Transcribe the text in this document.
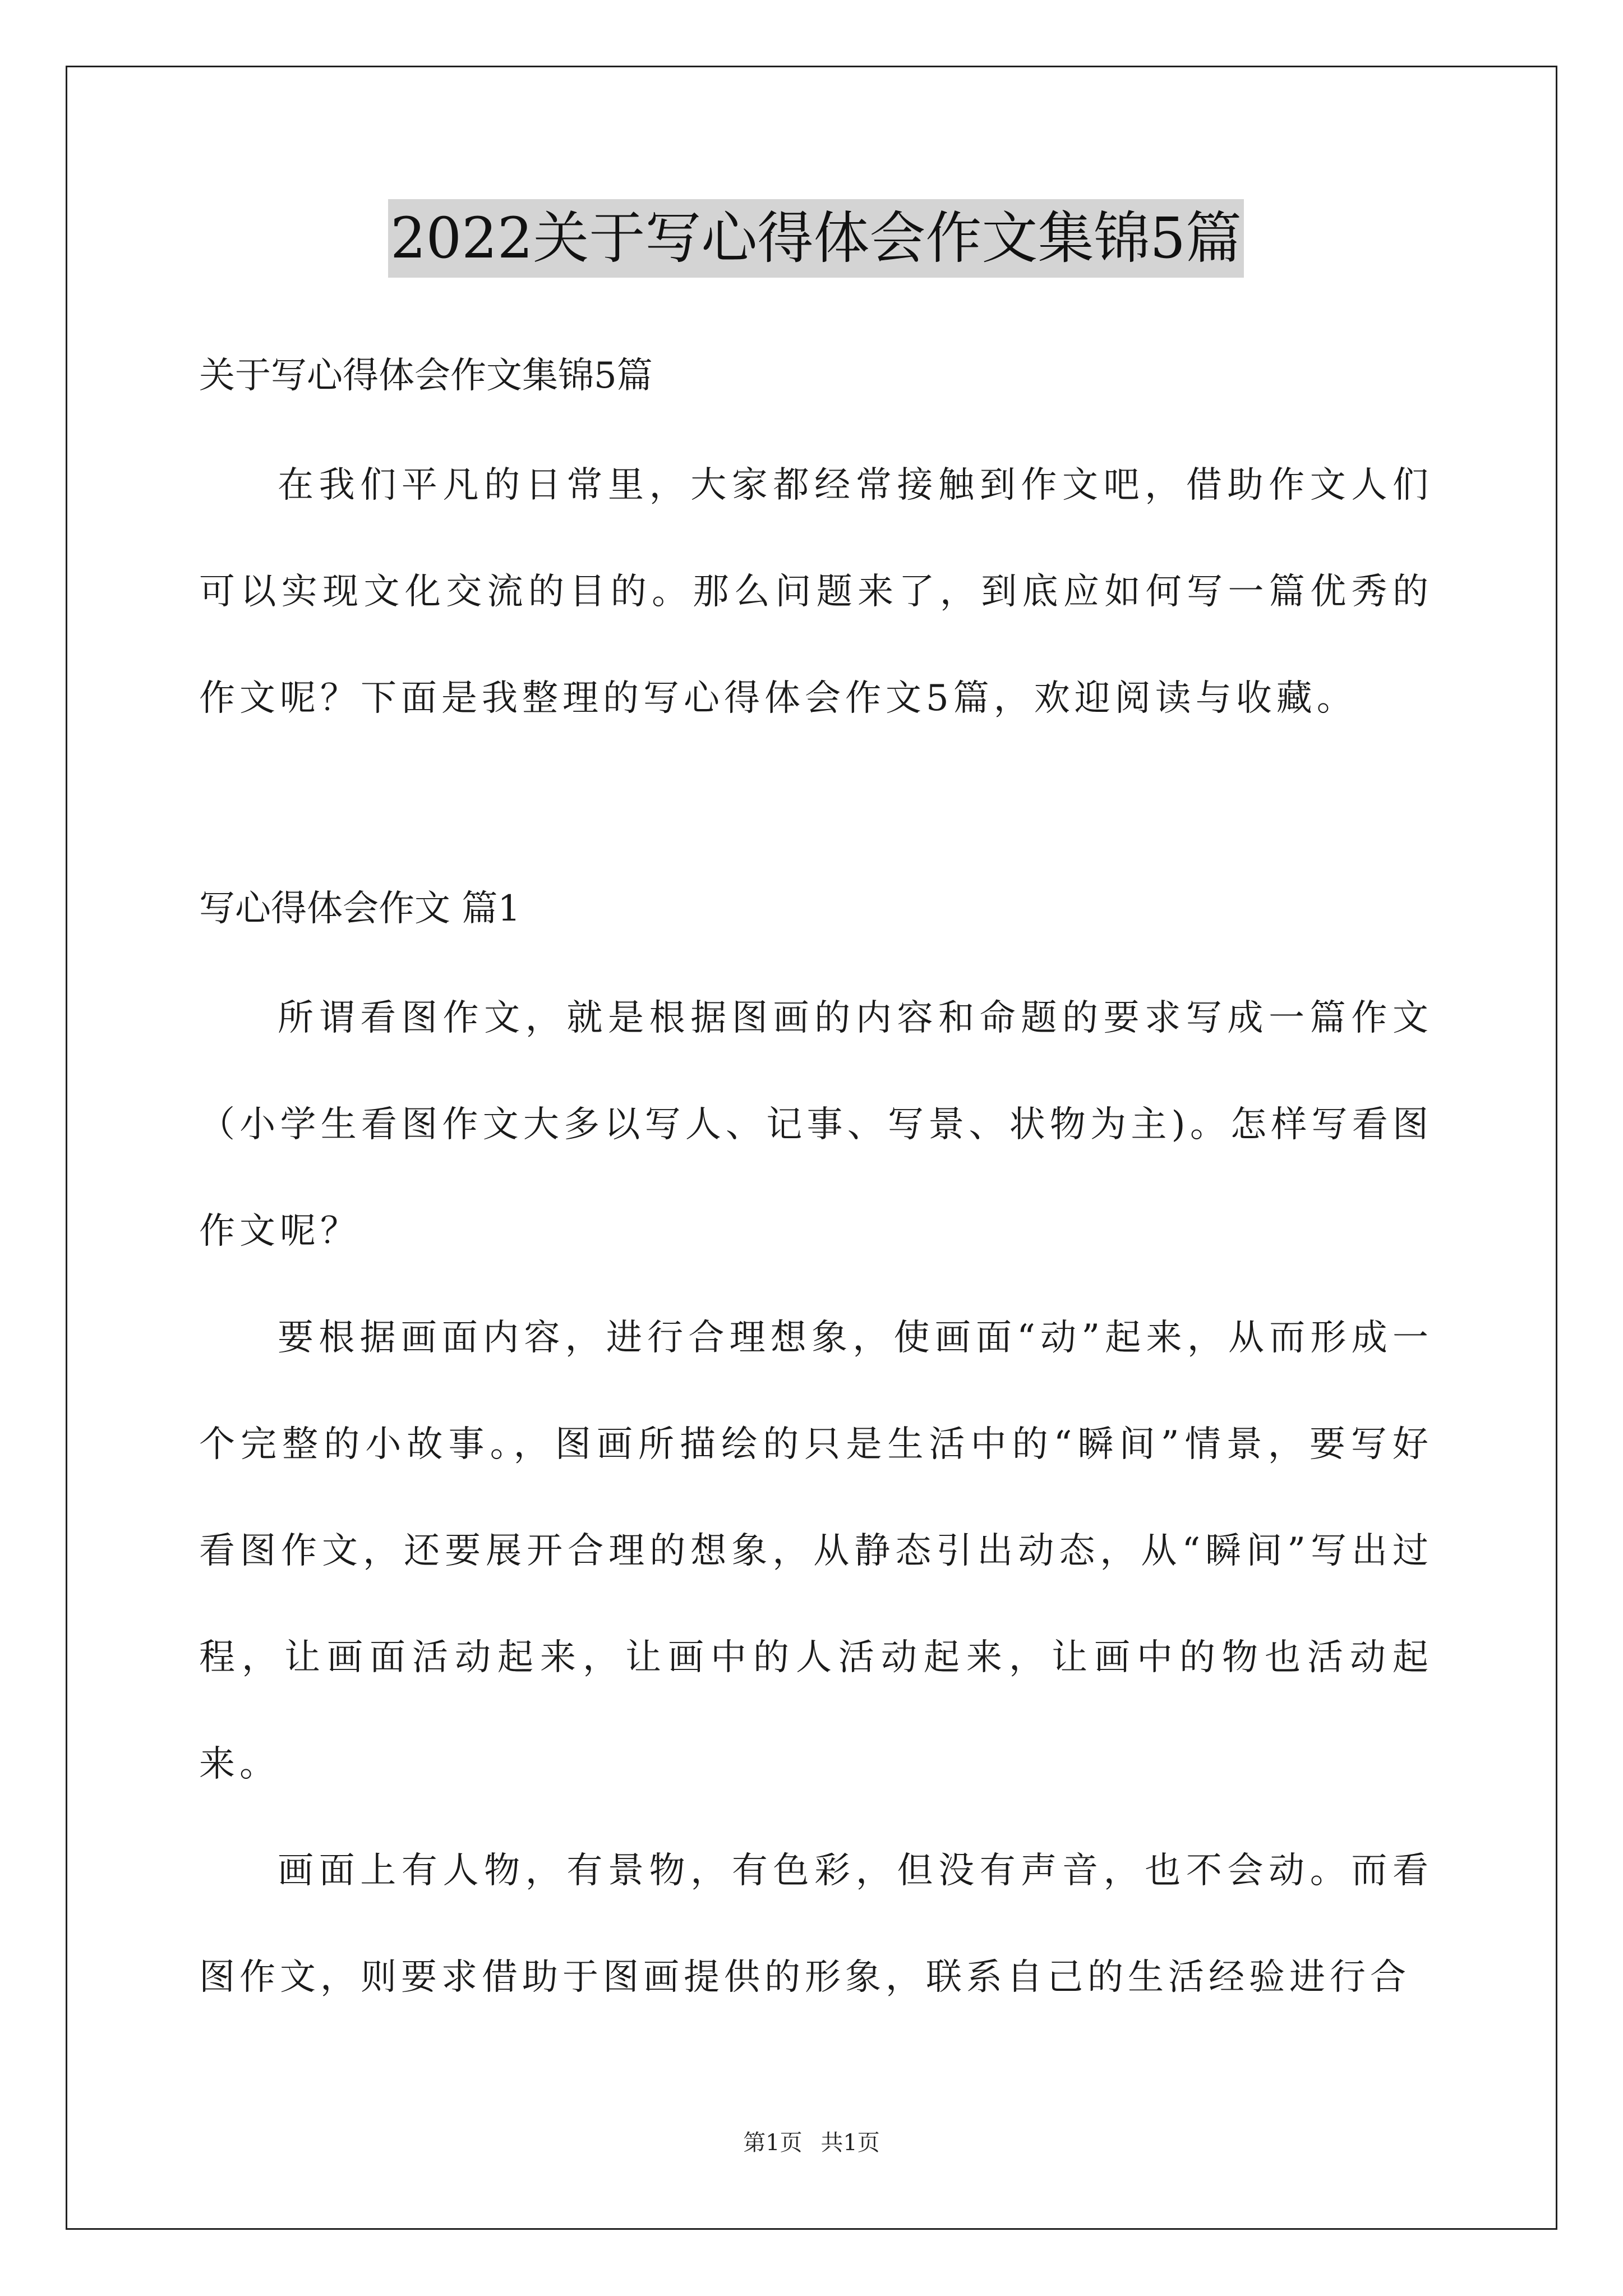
2022关于写心得体会作文集锦5篇
关于写心得体会作文集锦5篇

在我们平凡的日常里，大家都经常接触到作文吧，借助作文人们可以实现文化交流的目的。那么问题来了，到底应如何写一篇优秀的作文呢？下面是我整理的写心得体会作文5篇，欢迎阅读与收藏。

写心得体会作文 篇1

所谓看图作文，就是根据图画的内容和命题的要求写成一篇作文（小学生看图作文大多以写人、记事、写景、状物为主)。怎样写看图作文呢？

要根据画面内容，进行合理想象，使画面“动”起来，从而形成一个完整的小故事。，图画所描绘的只是生活中的“瞬间”情景，要写好看图作文，还要展开合理的想象，从静态引出动态，从“瞬间”写出过程，让画面活动起来，让画中的人活动起来，让画中的物也活动起来。

画面上有人物，有景物，有色彩，但没有声音，也不会动。而看图作文，则要求借助于图画提供的形象，联系自己的生活经验进行合

第1页 共1页
